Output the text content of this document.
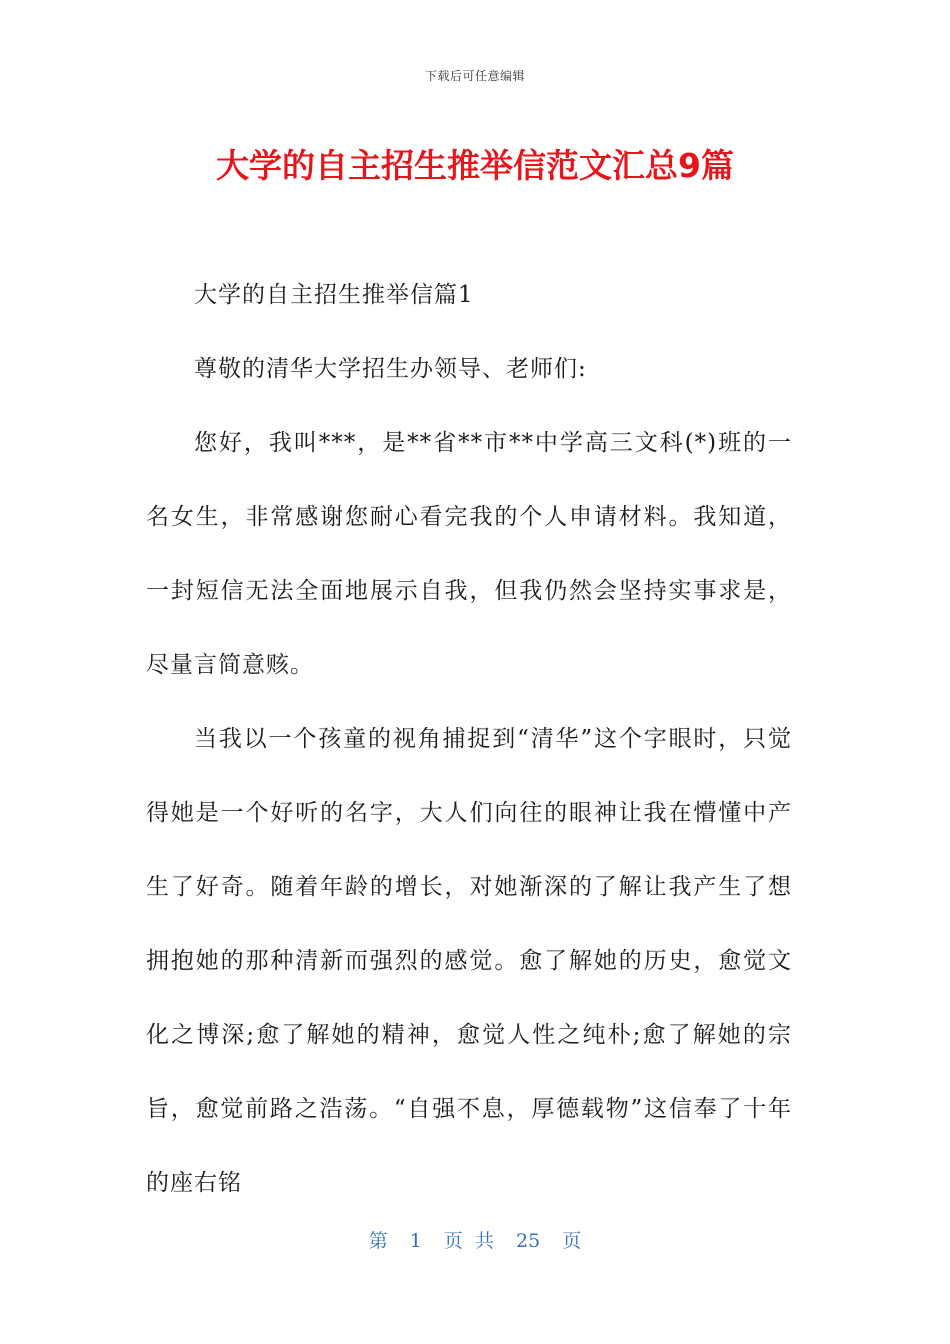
下载后可任意编辑
大学的自主招生推举信范文汇总9篇

大学的自主招生推举信篇1

尊敬的清华大学招生办领导、老师们:

您好，我叫***，是**省**市**中学高三文科(*)班的一名女生，非常感谢您耐心看完我的个人申请材料。我知道，一封短信无法全面地展示自我，但我仍然会坚持实事求是，尽量言简意赅。

当我以一个孩童的视角捕捉到“清华”这个字眼时，只觉得她是一个好听的名字，大人们向往的眼神让我在懵懂中产生了好奇。随着年龄的增长，对她渐深的了解让我产生了想拥抱她的那种清新而强烈的感觉。愈了解她的历史，愈觉文化之博深;愈了解她的精神，愈觉人性之纯朴;愈了解她的宗旨，愈觉前路之浩荡。“自强不息，厚德载物”这信奉了十年的座右铭

第 1 页 共 25 页
